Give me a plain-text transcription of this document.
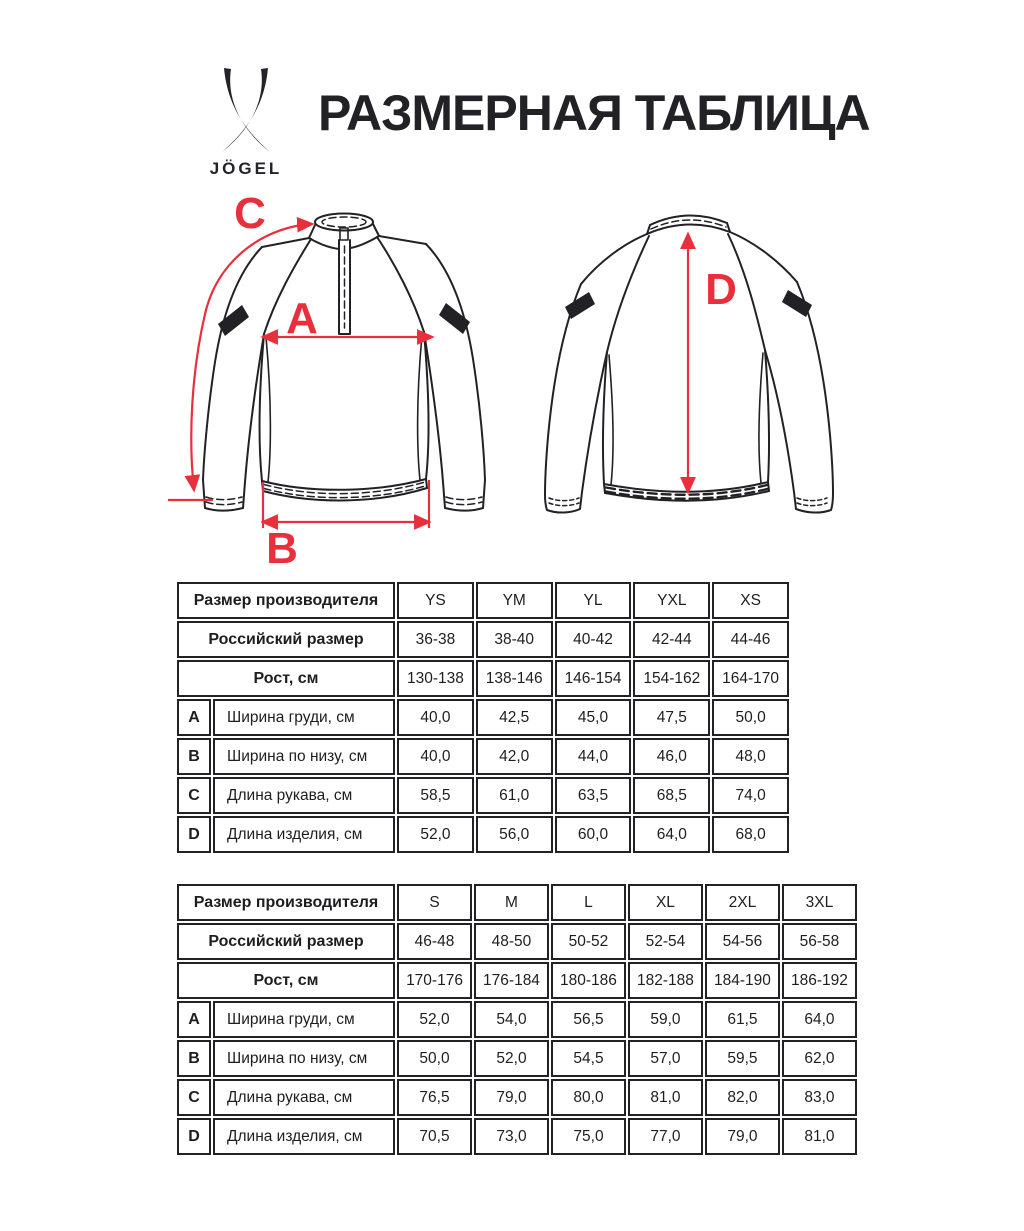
JÖGEL
РАЗМЕРНАЯ ТАБЛИЦА
A
B
C
D
Размер производителя		YS	YM	YL	YXL	XS
Российский размер		36-38	38-40	40-42	42-44	44-46
Рост, см		130-138	138-146	146-154	154-162	164-170
A	Ширина груди, см	40,0	42,5	45,0	47,5	50,0
B	Ширина по низу, см	40,0	42,0	44,0	46,0	48,0
C	Длина рукава, см	58,5	61,0	63,5	68,5	74,0
D	Длина изделия, см	52,0	56,0	60,0	64,0	68,0
Размер производителя		S	M	L	XL	2XL	3XL
Российский размер		46-48	48-50	50-52	52-54	54-56	56-58
Рост, см		170-176	176-184	180-186	182-188	184-190	186-192
A	Ширина груди, см	52,0	54,0	56,5	59,0	61,5	64,0
B	Ширина по низу, см	50,0	52,0	54,5	57,0	59,5	62,0
C	Длина рукава, см	76,5	79,0	80,0	81,0	82,0	83,0
D	Длина изделия, см	70,5	73,0	75,0	77,0	79,0	81,0
